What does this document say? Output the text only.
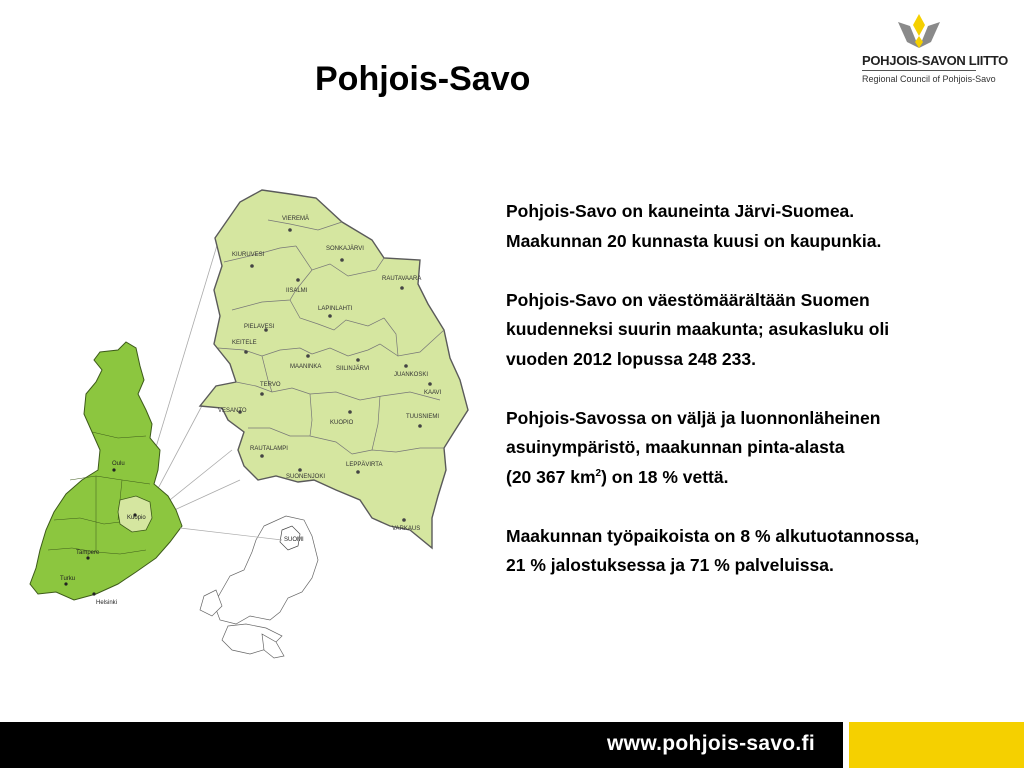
Pohjois-Savo	POHJOIS-SAVON LIITTO
Regional Council of Pohjois-Savo
VIEREMÄ
SONKAJÄRVI
KIURUVESI
RAUTAVAARA
IISALMI
LAPINLAHTI
PIELAVESI
KEITELE
MAANINKA SIILINJÄRVI
JUANKOSKI
KAAVI
TERVO
VESANTO
TUUSNIEMI
KUOPIO
RAUTALAMPI
SUONENJOKI
LEPPÄVIRTA
VARKAUS
Oulu
Kuopio
Tampere
Turku
Helsinki
SUOMI

Pohjois-Savo on kauneinta Järvi-Suomea.
Maakunnan 20 kunnasta kuusi on kaupunkia.

Pohjois-Savo on väestömäärältään Suomen
kuudenneksi suurin maakunta; asukasluku oli
vuoden 2012 lopussa 248 233.

Pohjois-Savossa on väljä ja luonnonläheinen
asuinympäristö, maakunnan pinta-alasta
(20 367 $km^2$) on 18 % vettä.

Maakunnan työpaikoista on 8 % alkutuotannossa,
21 % jalostuksessa ja 71 % palveluissa.

www.pohjois-savo.fi
